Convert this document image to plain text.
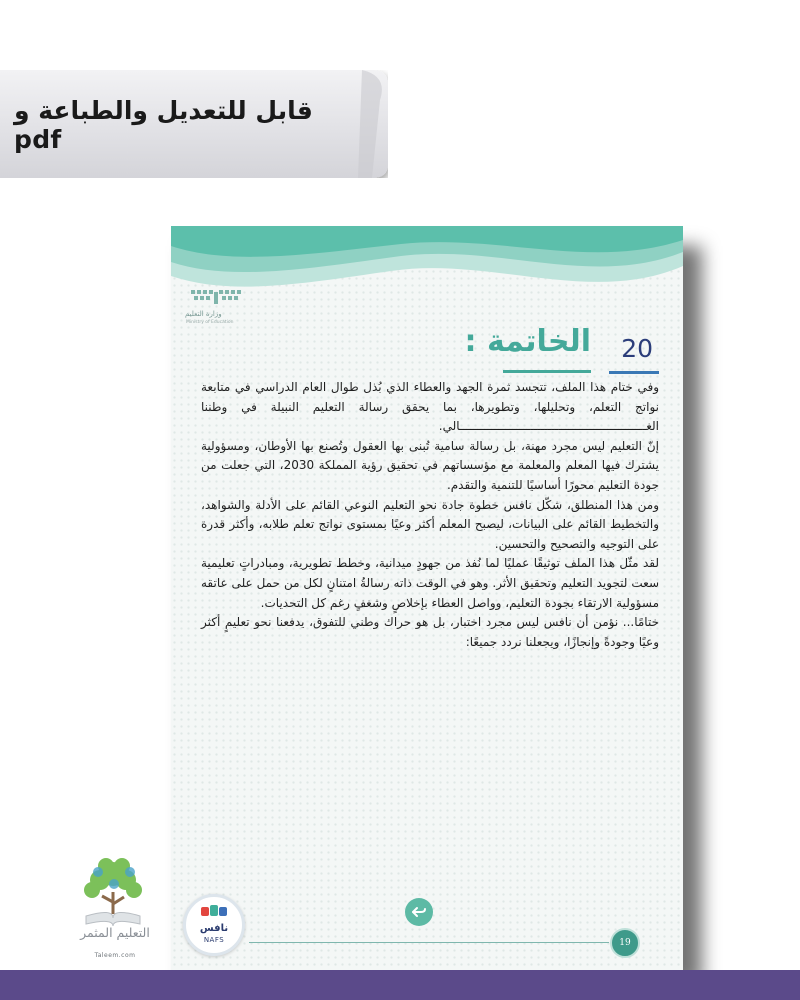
قابل للتعديل والطباعة و pdf
وزارة التعليم
Ministry of Education
20
الخاتمة :

وفي ختام هذا الملف، تتجسد ثمرة الجهد والعطاء الذي بُذل طوال العام الدراسي في متابعة نواتج التعلم، وتحليلها، وتطويرها، بما يحقق رسالة التعليم النبيلة في وطننا الغـــــــــــــــــــــــــــــــــــــــــــــــــــــالي.

إنّ التعليم ليس مجرد مهنة، بل رسالة سامية تُبنى بها العقول وتُصنع بها الأوطان، ومسؤولية يشترك فيها المعلم والمعلمة مع مؤسساتهم في تحقيق رؤية المملكة 2030، التي جعلت من جودة التعليم محورًا أساسيًا للتنمية والتقدم.

ومن هذا المنطلق، شكّل نافس خطوة جادة نحو التعليم النوعي القائم على الأدلة والشواهد، والتخطيط القائم على البيانات، ليصبح المعلم أكثر وعيًا بمستوى نواتج تعلم طلابه، وأكثر قدرة على التوجيه والتصحيح والتحسين.

لقد مثّل هذا الملف توثيقًا عمليًا لما نُفذ من جهودٍ ميدانية، وخطط تطويرية، ومبادراتٍ تعليمية سعت لتجويد التعليم وتحقيق الأثر. وهو في الوقت ذاته رسالةُ امتنانٍ لكل من حمل على عاتقه مسؤولية الارتقاء بجودة التعليم، وواصل العطاء بإخلاصٍ وشغفٍ رغم كل التحديات.

ختامًا... نؤمن أن نافس ليس مجرد اختبار، بل هو حراك وطني للتفوق، يدفعنا نحو تعليمٍ أكثر وعيًا وجودةً وإنجازًا، ويجعلنا نردد جميعًا:

نافس
NAFS	19
التعليم المثمر
Taleem.com
